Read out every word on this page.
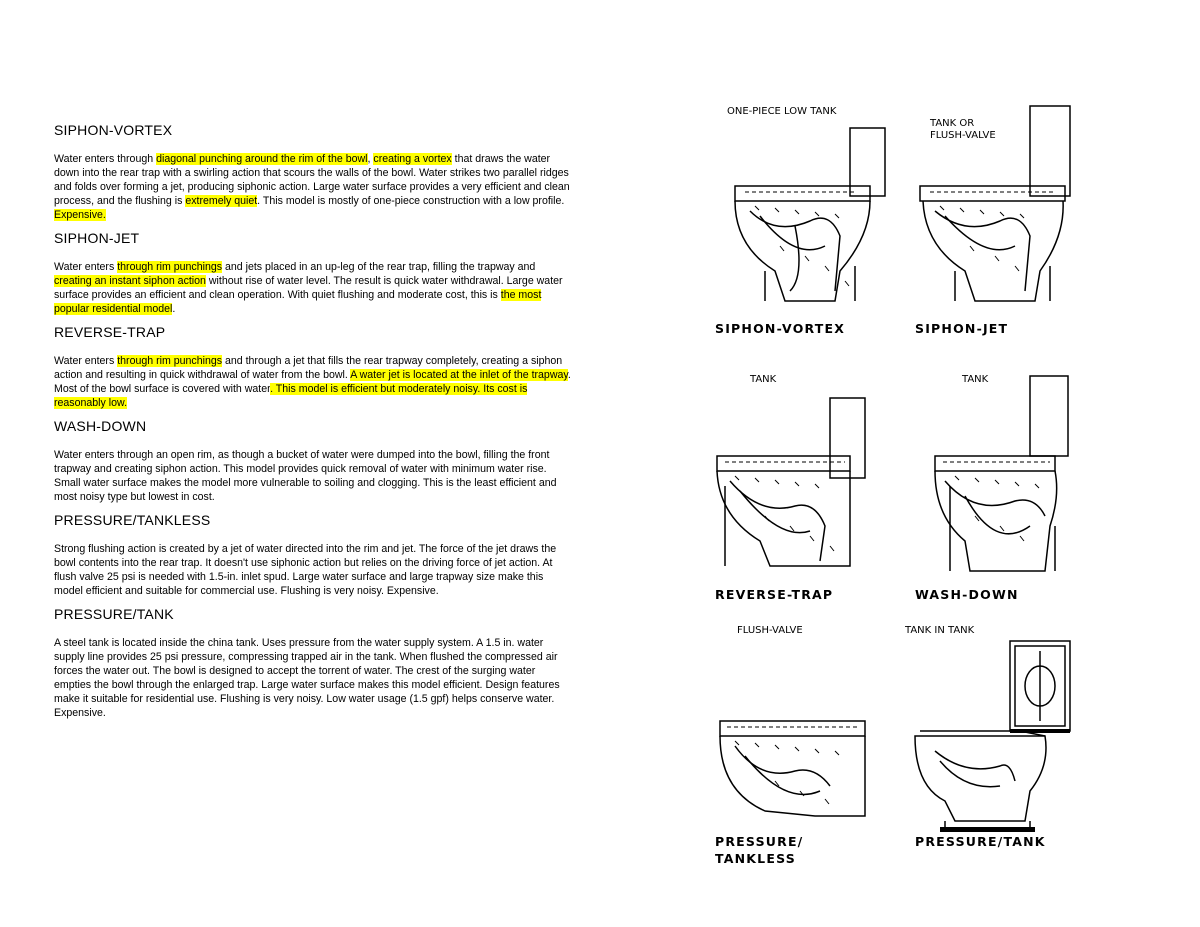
SIPHON-VORTEX

Water enters through diagonal punching around the rim of the bowl, creating a vortex that draws the water down into the rear trap with a swirling action that scours the walls of the bowl. Water strikes two parallel ridges and folds over forming a jet, producing siphonic action. Large water surface provides a very efficient and clean process, and the flushing is extremely quiet. This model is mostly of one-piece construction with a low profile. Expensive.

SIPHON-JET

Water enters through rim punchings and jets placed in an up-leg of the rear trap, filling the trapway and creating an instant siphon action without rise of water level. The result is quick water withdrawal. Large water surface provides an efficient and clean operation. With quiet flushing and moderate cost, this is the most popular residential model.

REVERSE-TRAP

Water enters through rim punchings and through a jet that fills the rear trapway completely, creating a siphon action and resulting in quick withdrawal of water from the bowl. A water jet is located at the inlet of the trapway. Most of the bowl surface is covered with water. This model is efficient but moderately noisy. Its cost is reasonably low.

WASH-DOWN

Water enters through an open rim, as though a bucket of water were dumped into the bowl, filling the front trapway and creating siphon action. This model provides quick removal of water with minimum water rise. Small water surface makes the model more vulnerable to soiling and clogging. This is the least efficient and most noisy type but lowest in cost.

PRESSURE/TANKLESS

Strong flushing action is created by a jet of water directed into the rim and jet. The force of the jet draws the bowl contents into the rear trap. It doesn't use siphonic action but relies on the driving force of jet action. At flush valve 25 psi is needed with 1.5-in. inlet spud. Large water surface and large trapway size make this model efficient and suitable for commercial use. Flushing is very noisy. Expensive.

PRESSURE/TANK

A steel tank is located inside the china tank. Uses pressure from the water supply system. A 1.5 in. water supply line provides 25 psi pressure, compressing trapped air in the tank. When flushed the compressed air forces the water out. The bowl is designed to accept the torrent of water. The crest of the surging water empties the bowl through the enlarged trap. Large water surface makes this model efficient. Design features make it suitable for residential use. Flushing is very noisy. Low water usage (1.5 gpf) helps conserve water. Expensive.

ONE-PIECE LOW TANK
SIPHON-VORTEX
TANK OR FLUSH-VALVE
SIPHON-JET
TANK
REVERSE-TRAP
TANK
WASH-DOWN
FLUSH-VALVE
PRESSURE/
TANKLESS
TANK IN TANK
PRESSURE/TANK
